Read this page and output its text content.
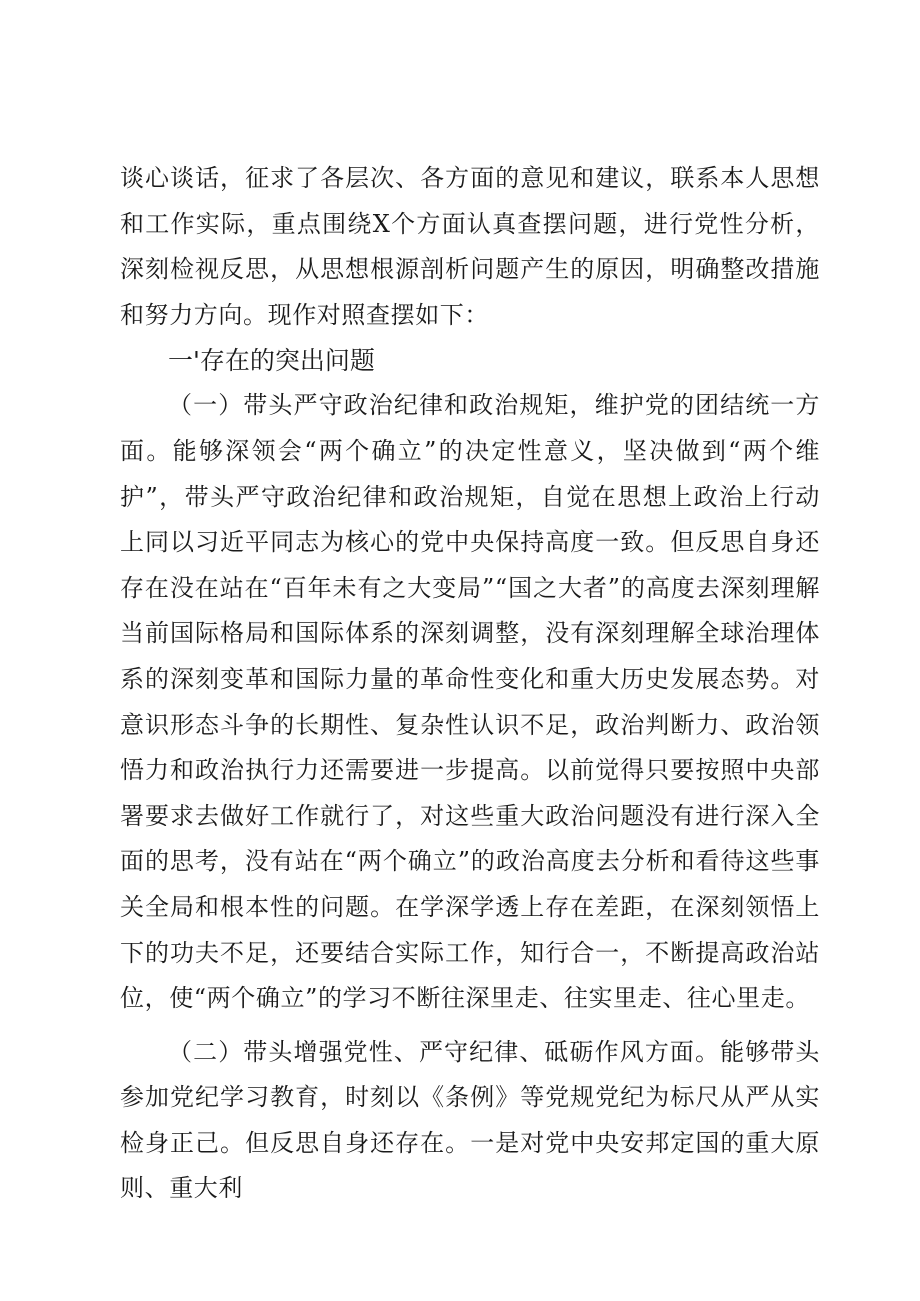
谈心谈话，征求了各层次、各方面的意见和建议，联系本人思想和工作实际，重点围绕X个方面认真查摆问题，进行党性分析，深刻检视反思，从思想根源剖析问题产生的原因，明确整改措施和努力方向。现作对照查摆如下：

一'存在的突出问题

（一）带头严守政治纪律和政治规矩，维护党的团结统一方面。能够深领会“两个确立”的决定性意义，坚决做到“两个维护”，带头严守政治纪律和政治规矩，自觉在思想上政治上行动上同以习近平同志为核心的党中央保持高度一致。但反思自身还存在没在站在“百年未有之大变局”“国之大者”的高度去深刻理解当前国际格局和国际体系的深刻调整，没有深刻理解全球治理体系的深刻变革和国际力量的革命性变化和重大历史发展态势。对意识形态斗争的长期性、复杂性认识不足，政治判断力、政治领悟力和政治执行力还需要进一步提高。以前觉得只要按照中央部署要求去做好工作就行了，对这些重大政治问题没有进行深入全面的思考，没有站在“两个确立”的政治高度去分析和看待这些事关全局和根本性的问题。在学深学透上存在差距，在深刻领悟上下的功夫不足，还要结合实际工作，知行合一，不断提高政治站位，使“两个确立”的学习不断往深里走、往实里走、往心里走。

（二）带头增强党性、严守纪律、砥砺作风方面。能够带头参加党纪学习教育，时刻以《条例》等党规党纪为标尺从严从实检身正己。但反思自身还存在。一是对党中央安邦定国的重大原则、重大利
